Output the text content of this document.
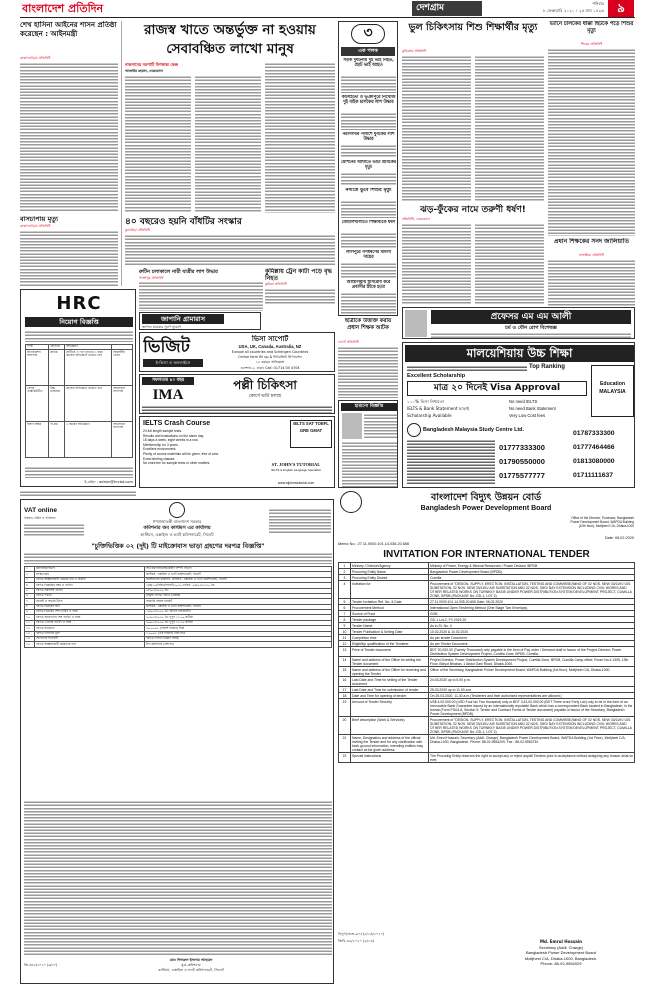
বাংলাদেশ প্রতিদিন	দেশগ্রাম	শনিবার
৮ ফেব্রুয়ারি ২০২০ । ২৫ মাঘ ১৪২৬	৯
শেখ হাসিনা আইনের শাসন প্রতিষ্ঠা করেছেন : আইনমন্ত্রী
ব্রাহ্মণবাড়িয়া প্রতিনিধি
বাসচাপায় মৃত্যু
ব্রাহ্মণবাড়িয়া প্রতিনিধি
রাজস্ব খাতে অন্তর্ভুক্ত না হওয়ায় সেবাবঞ্চিত লাখো মানুষ
নাকসাবের নরপাটি উপস্বাস্থ্য কেন্দ্র
আতাউর রহমান, নেত্রকোনা
৪০ বছরেও হয়নি বাঁধটির সংস্কার
কুলাউড়া প্রতিনিধি
কুমিল্লায় ট্রেন কাটা পড়ে বৃদ্ধ নিহত
কুমিল্লা প্রতিনিধি
৩
এক পলক
সড়ক দুর্ঘটনায় দুই ভাই নিহত, ছোট ভাই আহত
কালিহাতী ও ভূঞাপুরে নিখোঁজ দুই বাইক চালকের লাশ উদ্ধার
নরসিংদীর পলাশে যুবকের লাশ উদ্ধার
মেশিনের আঘাতে ভাটা শ্রমিকের মৃত্যু
নদীতে ডুবে শিশুর মৃত্যু
বোয়ালখালীতে শিক্ষার্থীকে ধর্ষণ
লালপুরে গণধর্ষণের মামলা দায়ের
আশুলিয়ায় শ্বাসরোধ করে প্রবাসীর স্ত্রীকে হত্যা
ভুল চিকিৎসায় শিশু শিক্ষার্থীর মৃত্যু
কুড়িগ্রাম প্রতিনিধি
ভ্যানে চালকের ধাক্কা ছিটকে পড়ে শিশুর মৃত্যু
শিবচর প্রতিনিধি
প্রধান শিক্ষকের সনদ জালিয়াতি
সাতক্ষীরা প্রতিনিধি
ঝড়-ফুঁকের নামে তরুণী ধর্ষণ!
প্রতিনিধি, নেত্রকোনা
প্রফেসর এম এম আলী
চর্ম ও যৌন রোগ বিশেষজ্ঞ
ছাত্রীকে উত্ত্যক্ত করায় প্রধান শিক্ষক আটক
নওগাঁ প্রতিনিধি
HRC
নিয়োগ বিজ্ঞপ্তি
পদবী	যোগ্যতা	অভিজ্ঞতা	
ইনফরমেশন অফিসার	স্নাতক	প্রার্থীকে এ পদে ন্যূনতম ৩ বছর কাজের অভিজ্ঞতা থাকতে হবে	আকর্ষণীয় বেতন
সেলস এক্সিকিউটিভ	উচ্চ মাধ্যমিক	কাজের অভিজ্ঞতা থাকতে হবে	আলোচনা সাপেক্ষে
হিসাব রক্ষক	বি.কম	২ বছরের অভিজ্ঞতা	আলোচনা সাপেক্ষে
ই-মেইল : admin@hrcbd.com
রুটিন চলাকালে নারী যাত্রীর লাশ উদ্ধার
গাজীপুর প্রতিনিধি
জাপানি গ্রামারাস
জাপান যাওয়ার সুবর্ণ সুযোগ
ভিজিট
ই-ভিসা ও অনলাইনে
ভিসা সাপোর্ট
USA, UK, Canada, Australia, NZ
Europe all countries and Schengen Countries
Online form fill up & ইন্টারভিউ প্রিপারেশন
১৫ বছরের অভিজ্ঞতা
গুলশান-২, ঢাকা। Call: 01714 04 4704
সফলতার ৪০ বছর
IMA
পল্লী চিকিৎসা
কোর্সে ভর্তি চলছে
IELTS Crash Course
24 full length sample tests.
Results and evaluations on the same day.
15 days a week, eight weeks in a row.
Membership for 3 years.
Excellent environment.
Plenty of course materials will be given, free of cost.
Extra briefing classes.
No extra fee for sample tests or other matters.
IELTS SAT TOEFL GRE GMAT
ST. JOHN'S TUTORIAL
IELTS & English Language Specialist
www.stjohnstutorial.com
হারানো বিজ্ঞপ্তি
মালয়েশিয়ায় উচ্চ শিক্ষা
Top Ranking
Excellent Scholarship
মাত্র ২০ দিনেই Visa Approval
১০০% ভিসা নিশ্চয়তা
IELTS & Bank Statement ছাড়াই
Scholarship Available
No need IELTS
No need Bank Statement
Very Low Cost fees
Education MALAYSIA
Bangladesh Malaysia Study Centre Ltd.
01777333300
01790550000
01775577777
01787333300
01777464466
01813080000
01711111637
বাংলাদেশ বিদ্যুৎ উন্নয়ন বোর্ড
Bangladesh Power Development Board
Office of the Director, Purchase, Bangladesh Power Development Board, WAPDA Building (10th floor), Motijheel C/A, Dhaka-1000
Memo No.: 27.11.0000.101.14.036.20.656
Date: 06.02.2020
INVITATION FOR INTERNATIONAL TENDER
1	Ministry / Division/Agency	Ministry of Power, Energy & Mineral Resources / Power Division /BPDB
2	Procuring Entity Name	Bangladesh Power Development Board (BPDB).
3	Procuring Entity District	Cumilla
4	Invitation for	Procurement of "DESIGN, SUPPLY, ERECTION, INSTALLATION, TESTING AND COMMISSIONING OF 02 NOS. NEW 33/11KV GIS SUBSTATION, 02 NOS. NEW 33/11KV AIS SUBSTATION AND 02 NOS. 33KV BAY EXTENSION INCLUDING CIVIL WORKS AND OTHER RELATED WORKS ON TURNKEY BASIS UNDER POWER DISTRIBUTION SYSTEM DEVELOPMENT PROJECT, CUMILLA ZONE, BPDB (PACKAGE No.-GD-1, LOT-2)
5	Tender Invitation Ref. No. & Date	27.11.0000.101.14.035.20.655 Date: 06.02.2020
6	Procurement Method	International Open Tendering Method (One Stage Two Envelops)
7	Source of Fund	GOB
8	Tender package	GD-1 Lot-2, FY-2019-20
9	Tender Name	As in SI. No. 4
10	Tender Publication & Selling Date	10.02.2020 & 10.02.2020
11	Completion time	As per tender Document
12	Eligibility/ qualification of the Tenderer	As per Tender Document.
13	Price of Tender document	BDT 20,000.00 (Twenty Thousand) only payable in the form of Pay order / Demand draft in favour of the Project Director, Power Distribution System Development Project, Cumilla Zone, BPDB, Cumilla.
14	Name and address of the Office for selling the Tender document	Project Director, Power Distribution System Development Project, Cumilla Zone, BPDB, Cumilla Camp office: Room No.# 1305, 13th Floor, Bidyut Bhaban, 1 Abdul Gani Road, Dhaka-1000.
15	Name and address of the Office for receiving and opening the Tender	Office of the Secretary, Bangladesh Power Development Board, WAPDA Building (1st floor), Motijheel C/A, Dhaka-1000.
16	Last Date and Time for selling of the Tender document	24.03.2020 up to 5.00 p.m.
17	Last Date and Time for submission of tender	25.03.2020 up to 11.00 a.m.
18	Date and Time for opening of tender	On 25.03.2020, 11.30 a.m.(Tenderers and their authorized representatives are allowed.)
19	Amount of Tender Security	US$ 4,02,000.00 (USD Four lac Two thousand) only or BDT 3,43,00,000.00 (BDT Three crore Forty Lac) only to be in the form of an irrevocable Bank Guarantee issued by an internationally reputable Bank which has a correspondent Bank located in Bangladesh, in the format (Form PG04-8, Section 5: Tender and Contract Forms of Tender document) payable in favour of the Secretary, Bangladesh Power Development (BPDB).
20	Brief description (Work & Services)	Procurement of "DESIGN, SUPPLY, ERECTION, INSTALLATION, TESTING AND COMMISSIONING OF 02 NOS. NEW 33/11KV GIS SUBSTATION, 02 NOS. NEW 33/11KV AIS SUBSTATION AND 02 NOS. 33KV BAY EXTENSION INCLUDING CIVIL WORKS AND OTHER RELATED WORKS ON TURNKEY BASIS UNDER POWER DISTRIBUTION SYSTEM DEVELOPMENT PROJECT, CUMILLA ZONE, BPDB (PACKAGE No.-GD-1, LOT-2)
21	Name, Designation and address of the official inviting the Tender and for any clarification with back ground information, intending entities may contact at the given address.	Md. Emrul Hossain, Secretary (Addl. Charge), Bangladesh Power Development Board, WAPDA Building (1st Floor), Motijheel C/A, Dhaka-1000, Bangladesh. Phone: 88-02-9554209, Fax : 88-02-9563730
22	Special instructions	The Procuring Entity reserves the right to accept any or reject any/all Tenders prior to acceptance without assigning any reason what so ever.
বিদ্যুৎ/ভেজ-৬০৫(৫/১৩/২০২০)
জিবি-৪৯/২০২০ (৯/১৩)	Md. Emrul Hossain
Secretary (Addl. Charge)
Bangladesh Power Development Board
Motijheel C/A, Dhaka-1000, Bangladesh.
Phone: 88-02-9554029
VAT online
নিবন্ধন, রিটার্ন ও পরিশোধ
গণপ্রজাতন্ত্রী বাংলাদেশ সরকার
কমিশনার অব কাস্টমস এর কার্যালয়
কাস্টমস, এক্সাইজ ও ভ্যাট কমিশনারেট, সিলেট
"চুক্তিভিত্তিক ০২ (দুই) টি মাইক্রোবাস ভাড়া গ্রহণের দরপত্র বিজ্ঞপ্তি"
১	মন্ত্রণালয়/বিভাগ	অর্থ মন্ত্রণালয়/অভ্যন্তরীণ সম্পদ বিভাগ
২	সংস্থা/দপ্তর	কাস্টমস, এক্সাইজ ও ভ্যাট কমিশনারেট, সিলেট
৩	দরপত্র আহ্বানকারী দপ্তরের নাম ও ঠিকানা	কমিশনারের কার্যালয়, কাস্টমস, এক্সাইজ ও ভ্যাট কমিশনারেট, সিলেট
৪	দরপত্র বিজ্ঞপ্তির নম্বর ও তারিখ	২/ক(১০)বিবিধ/সিলেট/২০২০ তারিখ: ০৬/০২/২০২০ খ্রি:
৫	দরপত্র প্রকাশের তারিখ	০৮/০২/২০২০ খ্রি:
৬	দরপত্র পদ্ধতি	উন্মুক্ত দরপত্র পদ্ধতি (OTM)
৭	বাজেট ও অর্থের উৎস	সরকারি রাজস্ব বাজেট
৮	দরপত্র বিক্রয়ের স্থান	কাস্টমস, এক্সাইজ ও ভ্যাট কমিশনারেট, সিলেট
৯	দরপত্র বিক্রয়ের শেষ তারিখ ও সময়	১৯/০২/২০২০ খ্রি: অফিস চলাকালীন
১০	দরপত্র জমাদানের শেষ তারিখ ও সময়	২০/০২/২০২০ খ্রি: দুপুর ১২.০০ ঘটিকা
১১	দরপত্র খোলার তারিখ ও সময়	২০/০২/২০২০ খ্রি: দুপুর ১২.৩০ ঘটিকা
১২	দরপত্র জামানত	৫০,০০০/- (পঞ্চাশ হাজার) টাকা
১৩	দরপত্র দলিলের মূল্য	১,০০০/- (এক হাজার) টাকা মাত্র
১৪	যোগ্যতার শর্তাবলী	দরপত্র দলিলে উল্লেখ আছে
১৫	দরপত্র আহ্বানকারী কর্মকর্তার নাম	উপ-কমিশনার (প্রশাসন)
জি-৩৫৫/২০২০ (৬/২০)
মোঃ দিদারুল ইসলাম আহমেদ
যুগ্ম-কমিশনার
কাস্টমস, এক্সাইজ ও ভ্যাট কমিশনারেট, সিলেট
